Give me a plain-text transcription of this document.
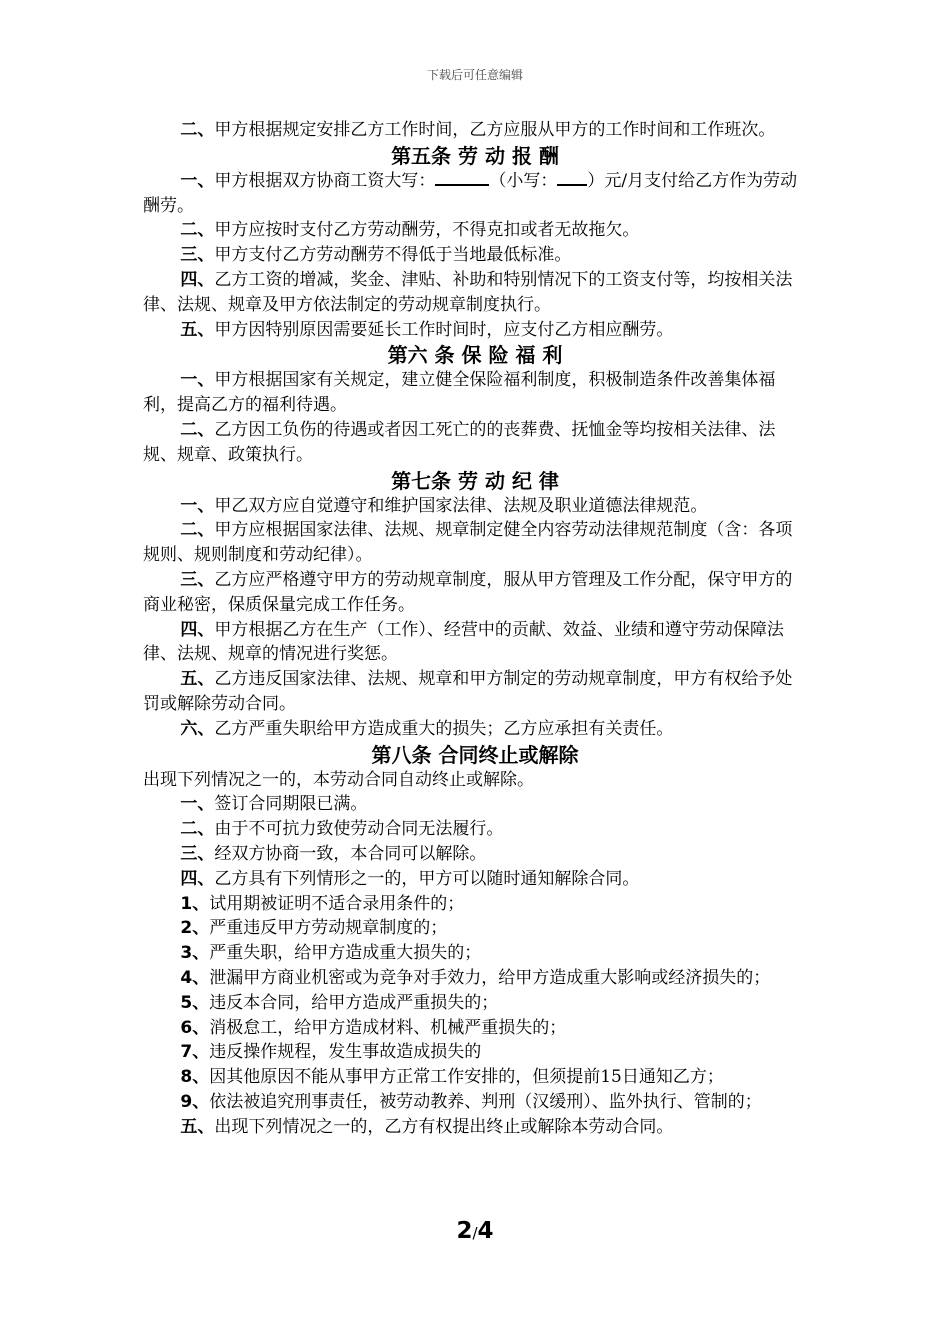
下载后可任意编辑

二、甲方根据规定安排乙方工作时间，乙方应服从甲方的工作时间和工作班次。

第五条 劳 动 报 酬

一、甲方根据双方协商工资大写：	（小写： ）元/月支付给乙方作为劳动酬劳。

二、甲方应按时支付乙方劳动酬劳，不得克扣或者无故拖欠。

三、甲方支付乙方劳动酬劳不得低于当地最低标准。

四、乙方工资的增减，奖金、津贴、补助和特别情况下的工资支付等，均按相关法律、法规、规章及甲方依法制定的劳动规章制度执行。

五、甲方因特别原因需要延长工作时间时，应支付乙方相应酬劳。

第六 条 保 险 福 利

一、甲方根据国家有关规定，建立健全保险福利制度，积极制造条件改善集体福利，提高乙方的福利待遇。

二、乙方因工负伤的待遇或者因工死亡的的丧葬费、抚恤金等均按相关法律、法规、规章、政策执行。

第七条 劳 动 纪 律

一、甲乙双方应自觉遵守和维护国家法律、法规及职业道德法律规范。

二、甲方应根据国家法律、法规、规章制定健全内容劳动法律规范制度（含：各项规则、规则制度和劳动纪律）。

三、乙方应严格遵守甲方的劳动规章制度，服从甲方管理及工作分配，保守甲方的商业秘密，保质保量完成工作任务。

四、甲方根据乙方在生产（工作）、经营中的贡献、效益、业绩和遵守劳动保障法律、法规、规章的情况进行奖惩。

五、乙方违反国家法律、法规、规章和甲方制定的劳动规章制度，甲方有权给予处罚或解除劳动合同。

六、乙方严重失职给甲方造成重大的损失；乙方应承担有关责任。

第八条 合同终止或解除

出现下列情况之一的，本劳动合同自动终止或解除。

一、签订合同期限已满。

二、由于不可抗力致使劳动合同无法履行。

三、经双方协商一致，本合同可以解除。

四、乙方具有下列情形之一的，甲方可以随时通知解除合同。

1、试用期被证明不适合录用条件的；

2、严重违反甲方劳动规章制度的；

3、严重失职，给甲方造成重大损失的；

4、泄漏甲方商业机密或为竞争对手效力，给甲方造成重大影响或经济损失的；

5、违反本合同，给甲方造成严重损失的；

6、消极怠工，给甲方造成材料、机械严重损失的；

7、违反操作规程，发生事故造成损失的

8、因其他原因不能从事甲方正常工作安排的，但须提前15日通知乙方；

9、依法被追究刑事责任，被劳动教养、判刑（汉缓刑）、监外执行、管制的；

五、出现下列情况之一的，乙方有权提出终止或解除本劳动合同。

2/4
